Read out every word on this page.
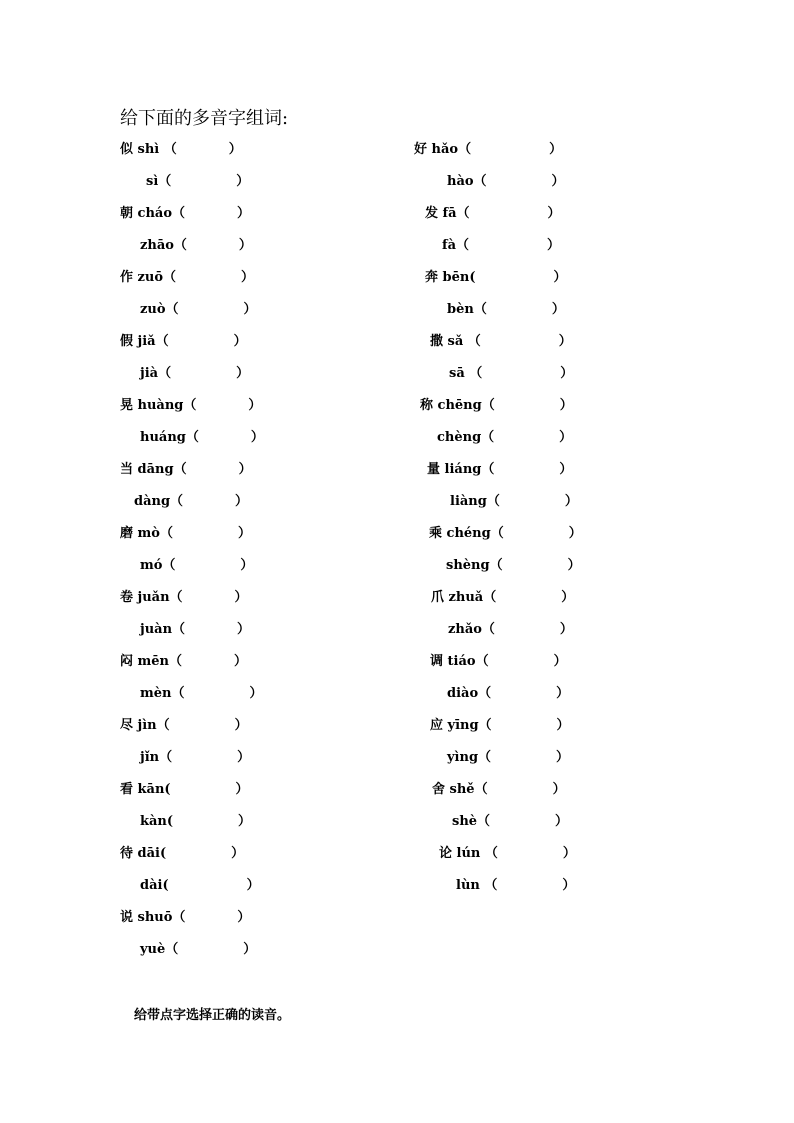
给下面的多音字组词:
似 shì （　　　　）
sì（　　　　　）
朝 cháo（　　　　）
zhāo（　　　　）
作 zuō（　　　　　）
zuò（　　　　　）
假 jiǎ（　　　　　）
jià（　　　　　）
晃 huàng（　　　　）
huáng（　　　　）
当 dāng（　　　　）
dàng（　　　　）
磨 mò（　　　　　）
mó（　　　　　）
卷 juǎn（　　　　）
juàn（　　　　）
闷 mēn（　　　　）
mèn（　　　　　）
尽 jìn（　　　　　）
jǐn（　　　　　）
看 kān(　　　　　）
kàn(　　　　　）
待 dāi(　　　　　）
dài(　　　　　　）
说 shuō（　　　　）
yuè（　　　　　）
好 hǎo（　　　　　　）
hào（　　　　　）
发 fā（　　　　　　）
fà（　　　　　　）
奔 bēn(　　　　　　）
bèn（　　　　　）
撒 sǎ （　　　　　　）
sā （　　　　　　）
称 chēng（　　　　　）
chèng（　　　　　）
量 liáng（　　　　　）
liàng（　　　　　）
乘 chéng（　　　　　）
shèng（　　　　　）
爪 zhuǎ（　　　　　）
zhǎo（　　　　　）
调 tiáo（　　　　　）
diào（　　　　　）
应 yīng（　　　　　）
yìng（　　　　　）
舍 shě（　　　　　）
shè（　　　　　）
论 lún （　　　　　）
lùn （　　　　　）
给带点字选择正确的读音。
